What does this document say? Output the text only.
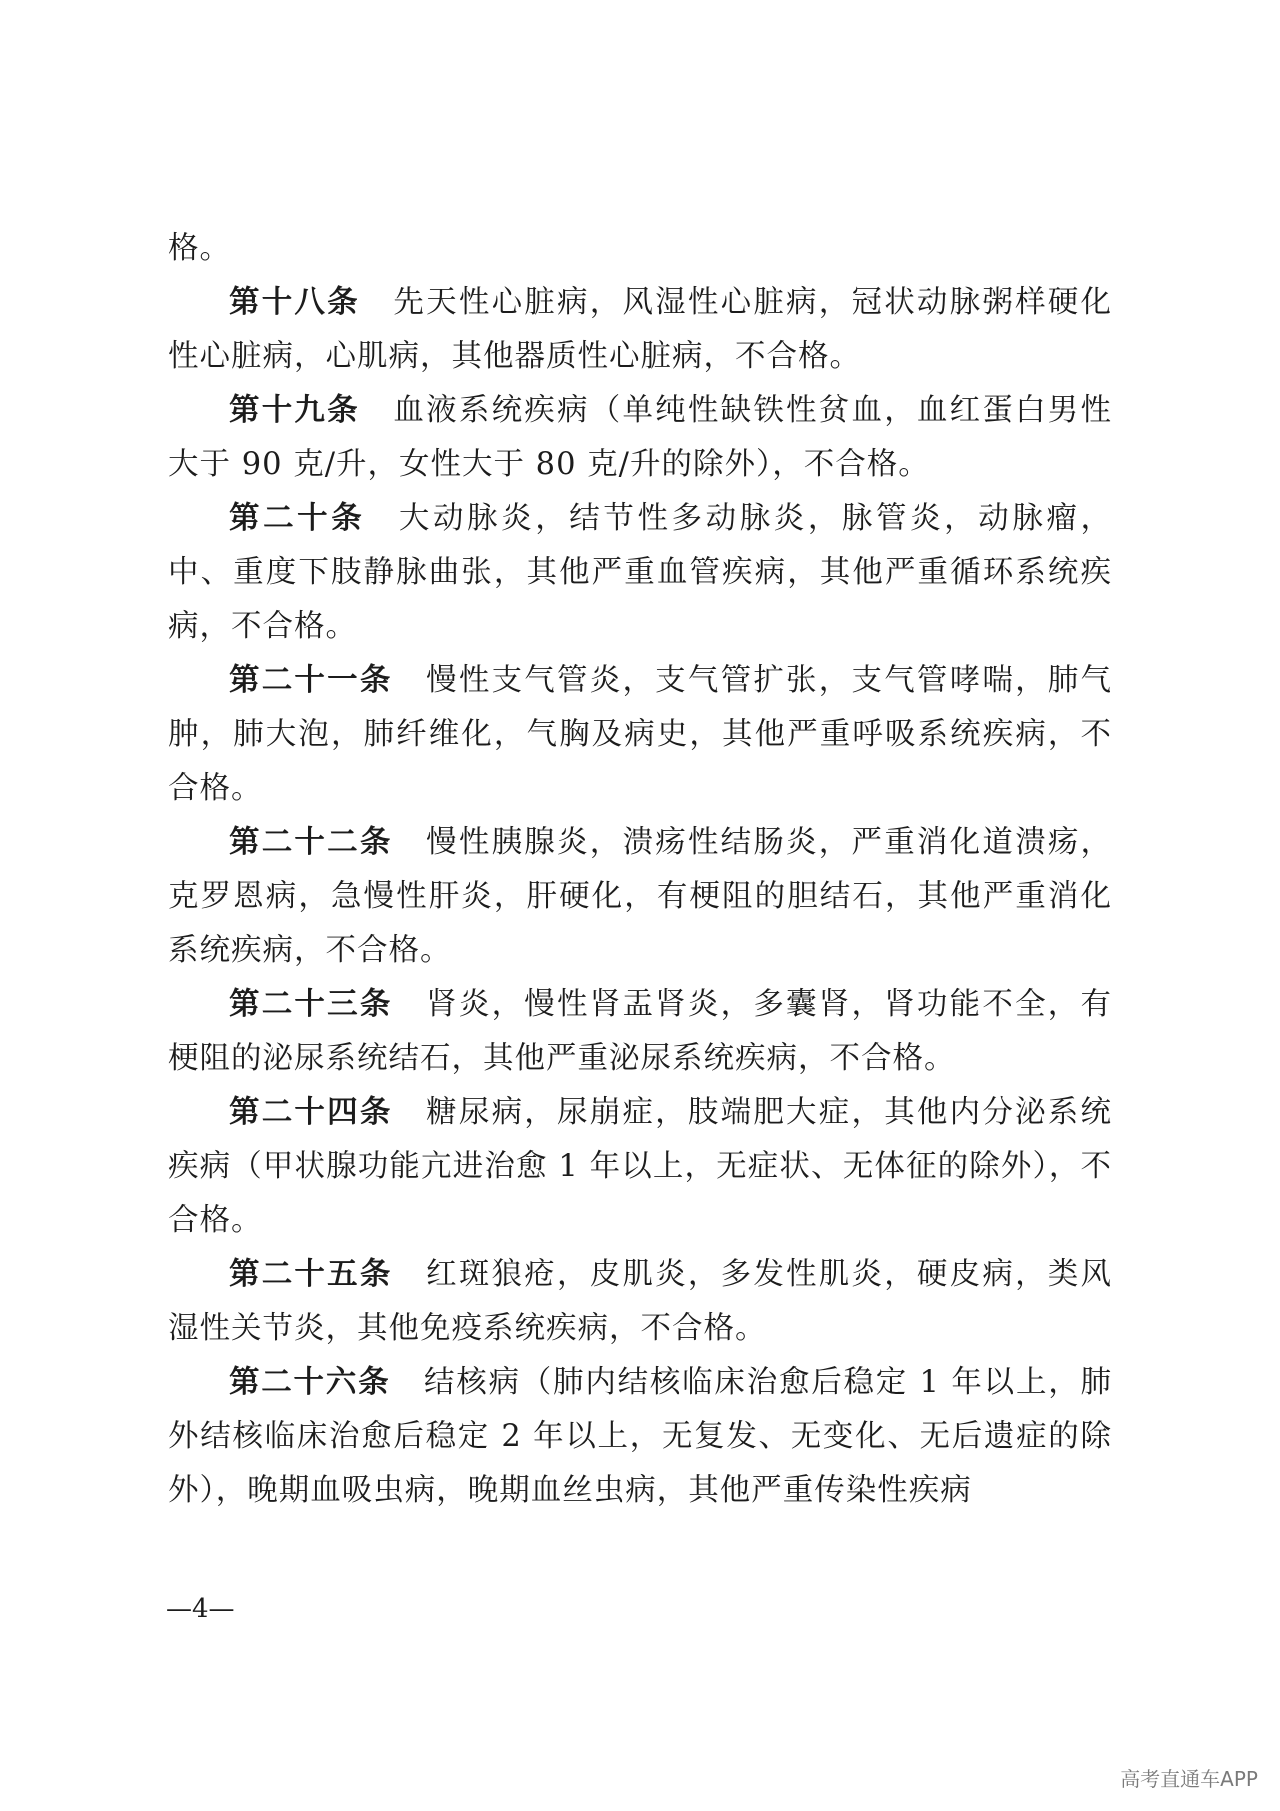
格。

第十八条 先天性心脏病，风湿性心脏病，冠状动脉粥样硬化性心脏病，心肌病，其他器质性心脏病，不合格。

第十九条 血液系统疾病（单纯性缺铁性贫血，血红蛋白男性大于 90 克/升，女性大于 80 克/升的除外），不合格。

第二十条 大动脉炎，结节性多动脉炎，脉管炎，动脉瘤，中、重度下肢静脉曲张，其他严重血管疾病，其他严重循环系统疾病，不合格。

第二十一条 慢性支气管炎，支气管扩张，支气管哮喘，肺气肿，肺大泡，肺纤维化，气胸及病史，其他严重呼吸系统疾病，不合格。

第二十二条 慢性胰腺炎，溃疡性结肠炎，严重消化道溃疡，克罗恩病，急慢性肝炎，肝硬化，有梗阻的胆结石，其他严重消化系统疾病，不合格。

第二十三条 肾炎，慢性肾盂肾炎，多囊肾，肾功能不全，有梗阻的泌尿系统结石，其他严重泌尿系统疾病，不合格。

第二十四条 糖尿病，尿崩症，肢端肥大症，其他内分泌系统疾病（甲状腺功能亢进治愈 1 年以上，无症状、无体征的除外），不合格。

第二十五条 红斑狼疮，皮肌炎，多发性肌炎，硬皮病，类风湿性关节炎，其他免疫系统疾病，不合格。

第二十六条 结核病（肺内结核临床治愈后稳定 1 年以上，肺外结核临床治愈后稳定 2 年以上，无复发、无变化、无后遗症的除外），晚期血吸虫病，晚期血丝虫病，其他严重传染性疾病

—4—
高考直通车APP
